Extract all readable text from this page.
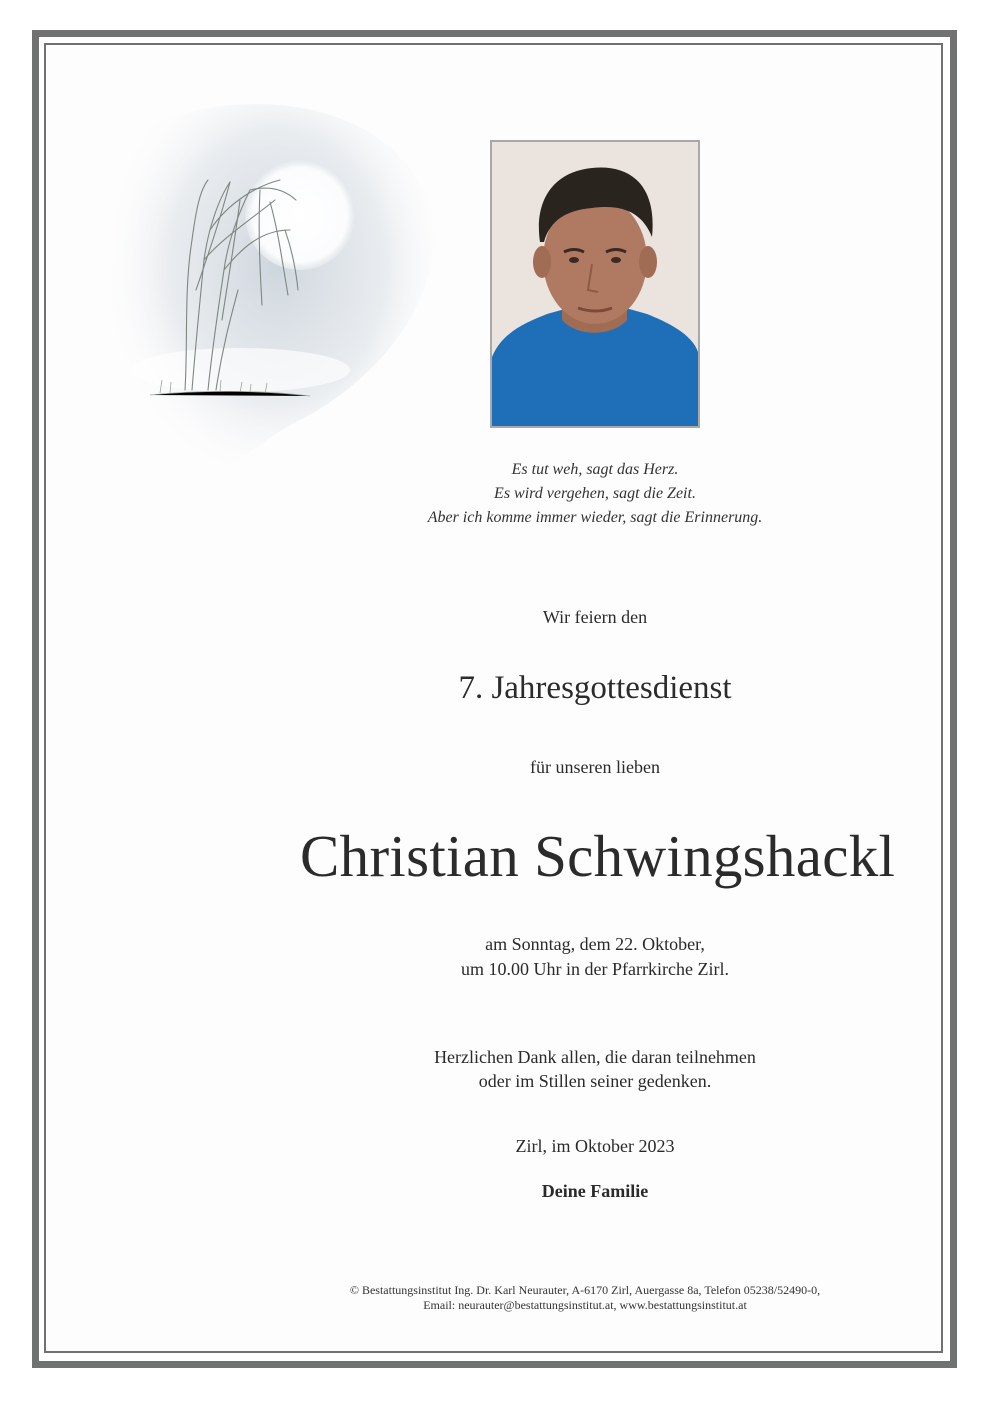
Es tut weh, sagt das Herz.
Es wird vergehen, sagt die Zeit.
Aber ich komme immer wieder, sagt die Erinnerung.

Wir feiern den

7. Jahresgottesdienst

für unseren lieben

Christian Schwingshackl

am Sonntag, dem 22. Oktober,
um 10.00 Uhr in der Pfarrkirche Zirl.
Herzlichen Dank allen, die daran teilnehmen
oder im Stillen seiner gedenken.

Zirl, im Oktober 2023

Deine Familie

© Bestattungsinstitut Ing. Dr. Karl Neurauter, A-6170 Zirl, Auergasse 8a, Telefon 05238/52490-0,
Email: neurauter@bestattungsinstitut.at, www.bestattungsinstitut.at
